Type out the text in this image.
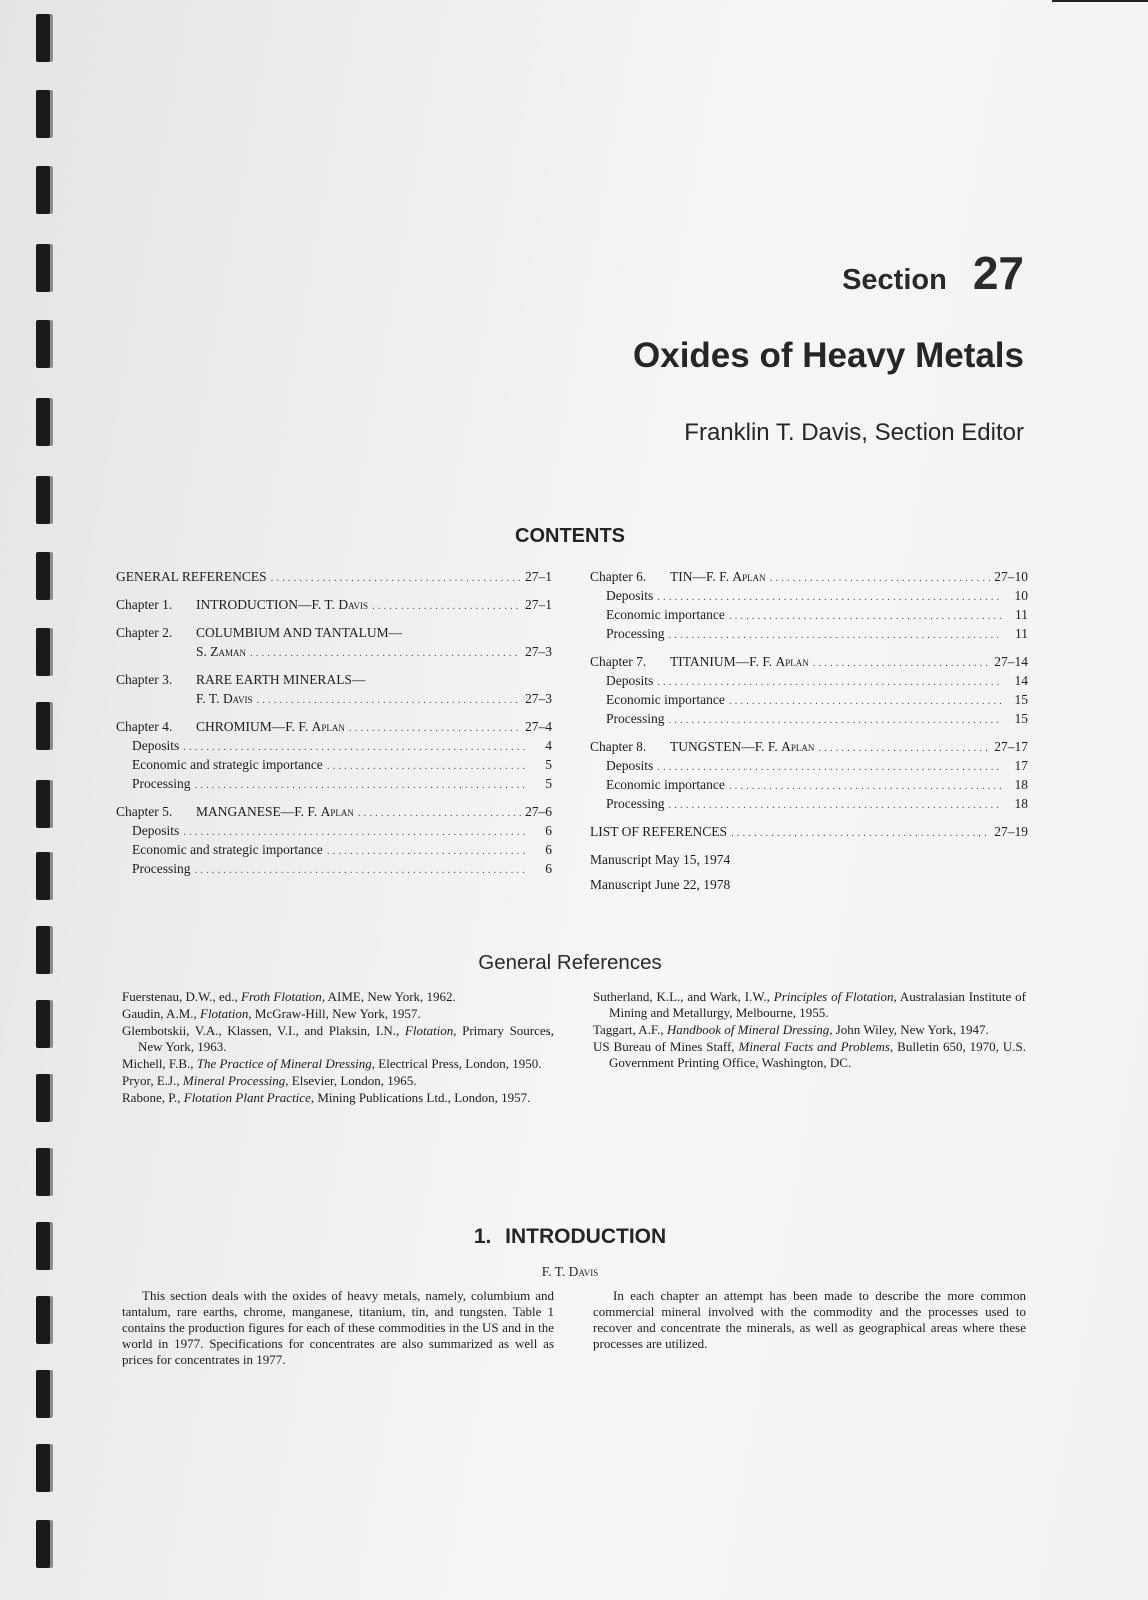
Section 27
Oxides of Heavy Metals
Franklin T. Davis, Section Editor
CONTENTS
GENERAL REFERENCES .....	27–1
Chapter 1. INTRODUCTION—F. T. Davis .....	27–1
Chapter 2. COLUMBIUM AND TANTALUM—
S. Zaman .....	27–3
Chapter 3. RARE EARTH MINERALS—
F. T. Davis .....	27–3
Chapter 4. CHROMIUM—F. F. Aplan .....	27–4
Deposits .....	4
Economic and strategic importance .....	5
Processing .....	5
Chapter 5. MANGANESE—F. F. Aplan .....	27–6
Deposits .....	6
Economic and strategic importance .....	6
Processing .....	6
Chapter 6. TIN—F. F. Aplan .....	27–10
Deposits .....	10
Economic importance .....	11
Processing .....	11
Chapter 7. TITANIUM—F. F. Aplan .....	27–14
Deposits .....	14
Economic importance .....	15
Processing .....	15
Chapter 8. TUNGSTEN—F. F. Aplan .....	27–17
Deposits .....	17
Economic importance .....	18
Processing .....	18
LIST OF REFERENCES .....	27–19
Manuscript May 15, 1974
Manuscript June 22, 1978
General References
Fuerstenau, D.W., ed., Froth Flotation, AIME, New York, 1962.
Gaudin, A.M., Flotation, McGraw-Hill, New York, 1957.
Glembotskii, V.A., Klassen, V.I., and Plaksin, I.N., Flotation, Primary Sources, New York, 1963.
Michell, F.B., The Practice of Mineral Dressing, Electrical Press, London, 1950.
Pryor, E.J., Mineral Processing, Elsevier, London, 1965.
Rabone, P., Flotation Plant Practice, Mining Publications Ltd., London, 1957.
Sutherland, K.L., and Wark, I.W., Principles of Flotation, Australasian Institute of Mining and Metallurgy, Melbourne, 1955.
Taggart, A.F., Handbook of Mineral Dressing, John Wiley, New York, 1947.
US Bureau of Mines Staff, Mineral Facts and Problems, Bulletin 650, 1970, U.S. Government Printing Office, Washington, DC.
1. INTRODUCTION
F. T. Davis

This section deals with the oxides of heavy metals, namely, columbium and tantalum, rare earths, chrome, manganese, titanium, tin, and tungsten. Table 1 contains the production figures for each of these commodities in the US and in the world in 1977. Specifications for concentrates are also summarized as well as prices for concentrates in 1977.

In each chapter an attempt has been made to describe the more common commercial mineral involved with the commodity and the processes used to recover and concentrate the minerals, as well as geographical areas where these processes are utilized.
